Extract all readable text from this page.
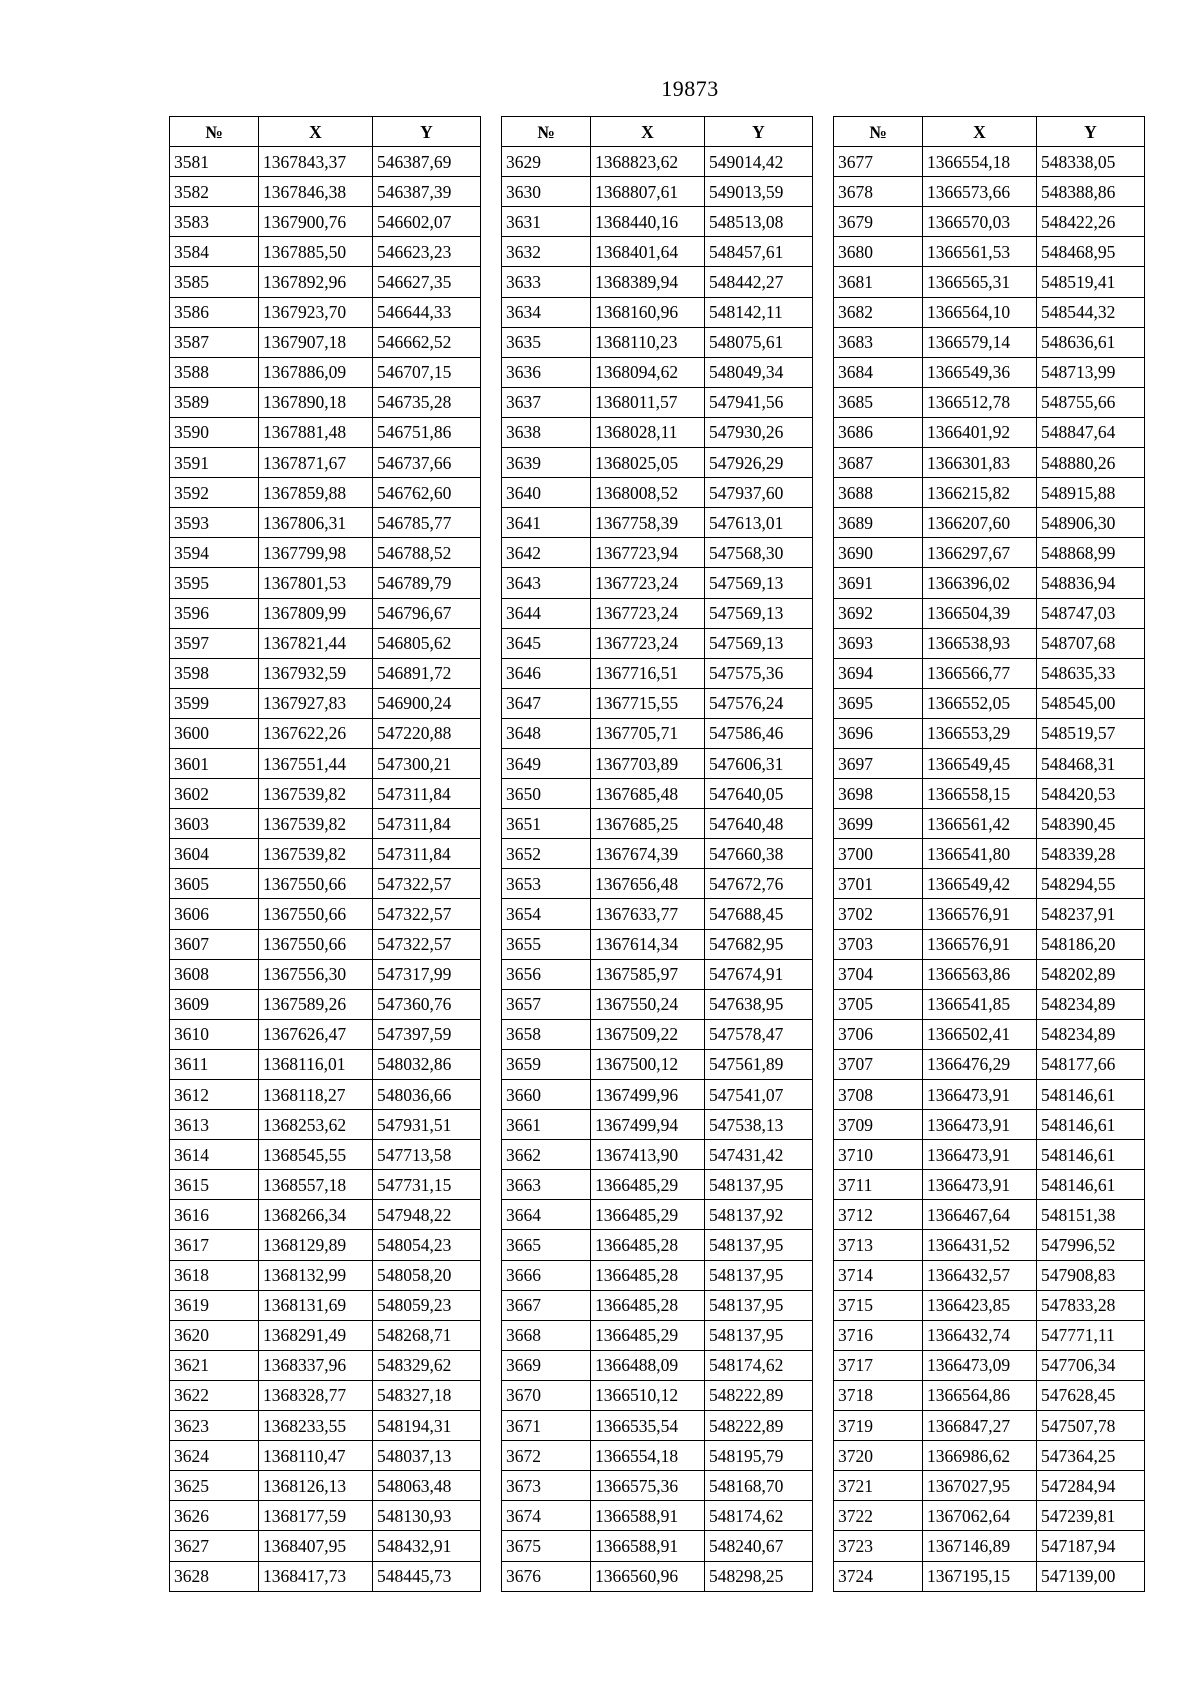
19873
№	X	Y
3581	1367843,37	546387,69
3582	1367846,38	546387,39
3583	1367900,76	546602,07
3584	1367885,50	546623,23
3585	1367892,96	546627,35
3586	1367923,70	546644,33
3587	1367907,18	546662,52
3588	1367886,09	546707,15
3589	1367890,18	546735,28
3590	1367881,48	546751,86
3591	1367871,67	546737,66
3592	1367859,88	546762,60
3593	1367806,31	546785,77
3594	1367799,98	546788,52
3595	1367801,53	546789,79
3596	1367809,99	546796,67
3597	1367821,44	546805,62
3598	1367932,59	546891,72
3599	1367927,83	546900,24
3600	1367622,26	547220,88
3601	1367551,44	547300,21
3602	1367539,82	547311,84
3603	1367539,82	547311,84
3604	1367539,82	547311,84
3605	1367550,66	547322,57
3606	1367550,66	547322,57
3607	1367550,66	547322,57
3608	1367556,30	547317,99
3609	1367589,26	547360,76
3610	1367626,47	547397,59
3611	1368116,01	548032,86
3612	1368118,27	548036,66
3613	1368253,62	547931,51
3614	1368545,55	547713,58
3615	1368557,18	547731,15
3616	1368266,34	547948,22
3617	1368129,89	548054,23
3618	1368132,99	548058,20
3619	1368131,69	548059,23
3620	1368291,49	548268,71
3621	1368337,96	548329,62
3622	1368328,77	548327,18
3623	1368233,55	548194,31
3624	1368110,47	548037,13
3625	1368126,13	548063,48
3626	1368177,59	548130,93
3627	1368407,95	548432,91
3628	1368417,73	548445,73
№	X	Y
3629	1368823,62	549014,42
3630	1368807,61	549013,59
3631	1368440,16	548513,08
3632	1368401,64	548457,61
3633	1368389,94	548442,27
3634	1368160,96	548142,11
3635	1368110,23	548075,61
3636	1368094,62	548049,34
3637	1368011,57	547941,56
3638	1368028,11	547930,26
3639	1368025,05	547926,29
3640	1368008,52	547937,60
3641	1367758,39	547613,01
3642	1367723,94	547568,30
3643	1367723,24	547569,13
3644	1367723,24	547569,13
3645	1367723,24	547569,13
3646	1367716,51	547575,36
3647	1367715,55	547576,24
3648	1367705,71	547586,46
3649	1367703,89	547606,31
3650	1367685,48	547640,05
3651	1367685,25	547640,48
3652	1367674,39	547660,38
3653	1367656,48	547672,76
3654	1367633,77	547688,45
3655	1367614,34	547682,95
3656	1367585,97	547674,91
3657	1367550,24	547638,95
3658	1367509,22	547578,47
3659	1367500,12	547561,89
3660	1367499,96	547541,07
3661	1367499,94	547538,13
3662	1367413,90	547431,42
3663	1366485,29	548137,95
3664	1366485,29	548137,92
3665	1366485,28	548137,95
3666	1366485,28	548137,95
3667	1366485,28	548137,95
3668	1366485,29	548137,95
3669	1366488,09	548174,62
3670	1366510,12	548222,89
3671	1366535,54	548222,89
3672	1366554,18	548195,79
3673	1366575,36	548168,70
3674	1366588,91	548174,62
3675	1366588,91	548240,67
3676	1366560,96	548298,25
№	X	Y
3677	1366554,18	548338,05
3678	1366573,66	548388,86
3679	1366570,03	548422,26
3680	1366561,53	548468,95
3681	1366565,31	548519,41
3682	1366564,10	548544,32
3683	1366579,14	548636,61
3684	1366549,36	548713,99
3685	1366512,78	548755,66
3686	1366401,92	548847,64
3687	1366301,83	548880,26
3688	1366215,82	548915,88
3689	1366207,60	548906,30
3690	1366297,67	548868,99
3691	1366396,02	548836,94
3692	1366504,39	548747,03
3693	1366538,93	548707,68
3694	1366566,77	548635,33
3695	1366552,05	548545,00
3696	1366553,29	548519,57
3697	1366549,45	548468,31
3698	1366558,15	548420,53
3699	1366561,42	548390,45
3700	1366541,80	548339,28
3701	1366549,42	548294,55
3702	1366576,91	548237,91
3703	1366576,91	548186,20
3704	1366563,86	548202,89
3705	1366541,85	548234,89
3706	1366502,41	548234,89
3707	1366476,29	548177,66
3708	1366473,91	548146,61
3709	1366473,91	548146,61
3710	1366473,91	548146,61
3711	1366473,91	548146,61
3712	1366467,64	548151,38
3713	1366431,52	547996,52
3714	1366432,57	547908,83
3715	1366423,85	547833,28
3716	1366432,74	547771,11
3717	1366473,09	547706,34
3718	1366564,86	547628,45
3719	1366847,27	547507,78
3720	1366986,62	547364,25
3721	1367027,95	547284,94
3722	1367062,64	547239,81
3723	1367146,89	547187,94
3724	1367195,15	547139,00
